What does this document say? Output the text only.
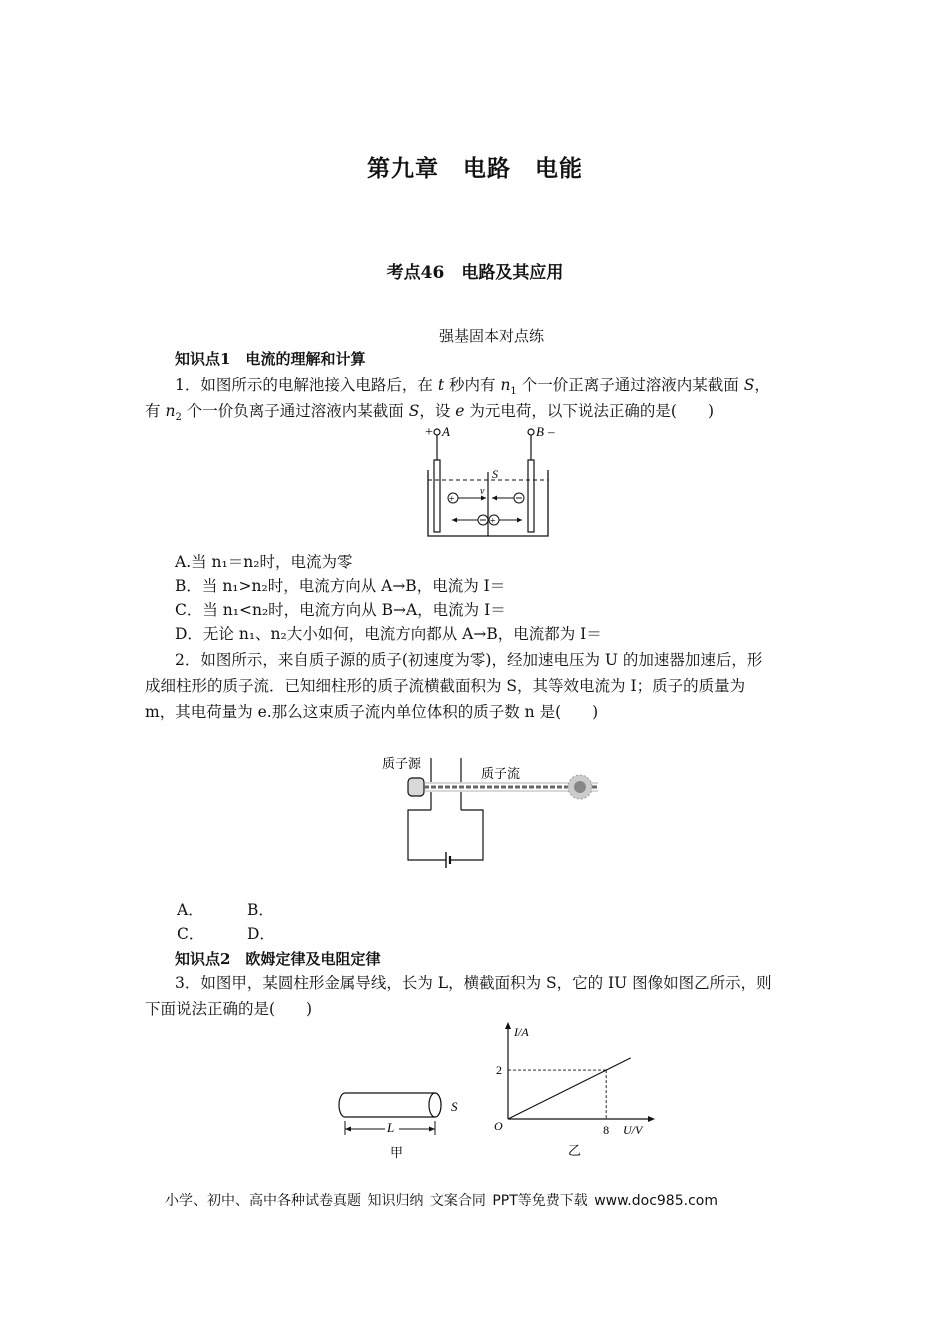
第九章 电路 电能
考点46　电路及其应用
强基固本对点练
知识点1　电流的理解和计算
1．如图所示的电解池接入电路后，在 t 秒内有 $n_1$ 个一价正离子通过溶液内某截面 S，
有 $n_2$ 个一价负离子通过溶液内某截面 S，设 e 为元电荷，以下说法正确的是(　　)
+ A	B –
S
v
+
+
A.当 n₁＝n₂时，电流为零
B．当 n₁>n₂时，电流方向从 A→B，电流为 I＝
C．当 n₁<n₂时，电流方向从 B→A，电流为 I＝
D．无论 n₁、n₂大小如何，电流方向都从 A→B，电流都为 I＝
2．如图所示，来自质子源的质子(初速度为零)，经加速电压为 U 的加速器加速后，形
成细柱形的质子流．已知细柱形的质子流横截面积为 S，其等效电流为 I；质子的质量为
m，其电荷量为 e.那么这束质子流内单位体积的质子数 n 是(　　)
质子源
质子流
A．	B．
C．	D．
知识点2　欧姆定律及电阻定律
3．如图甲，某圆柱形金属导线，长为 L，横截面积为 S，它的 IU 图像如图乙所示，则
下面说法正确的是(　　)
S
L
甲
I/A
U/V
O
2
8
乙
小学、初中、高中各种试卷真题 知识归纳 文案合同 PPT等免费下载 www.doc985.com
